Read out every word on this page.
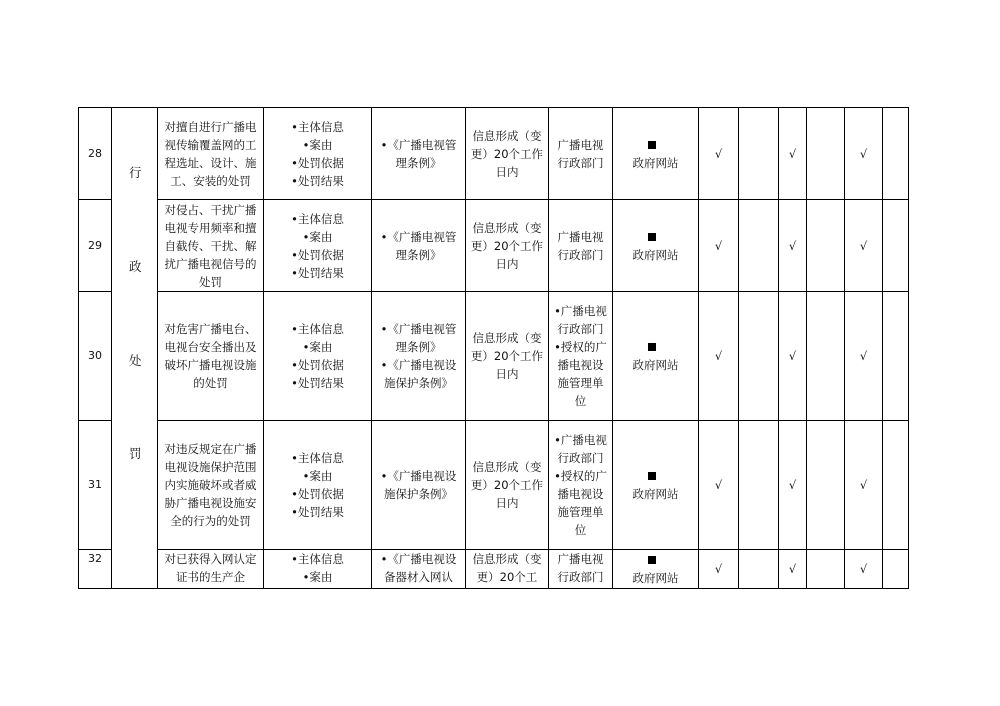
28		对擅自进行广播电视传输覆盖网的工程选址、设计、施工、安装的处罚	•主体信息
•案由
•处罚依据
•处罚结果	•《广播电视管理条例》	信息形成（变更）20个工作日内	广播电视行政部门	政府网站	√		√		√	

29		对侵占、干扰广播电视专用频率和擅自截传、干扰、解扰广播电视信号的处罚	•主体信息
•案由
•处罚依据
•处罚结果	•《广播电视管理条例》	信息形成（变更）20个工作日内	广播电视行政部门	政府网站	√		√		√	

30		对危害广播电台、电视台安全播出及破坏广播电视设施的处罚	•主体信息
•案由
•处罚依据
•处罚结果	•《广播电视管理条例》
•《广播电视设施保护条例》	信息形成（变更）20个工作日内	•广播电视行政部门
•授权的广播电视设施管理单位	政府网站	√		√		√	

31		对违反规定在广播电视设施保护范围内实施破坏或者威胁广播电视设施安全的行为的处罚	•主体信息
•案由
•处罚依据
•处罚结果	•《广播电视设施保护条例》	信息形成（变更）20个工作日内	•广播电视行政部门
•授权的广播电视设施管理单位	政府网站	√		√		√	

32		对已获得入网认定证书的生产企	•主体信息
•案由	•《广播电视设备器材入网认	信息形成（变更）20个工	广播电视行政部门	政府网站	√		√		√	

行
政
处
罚
